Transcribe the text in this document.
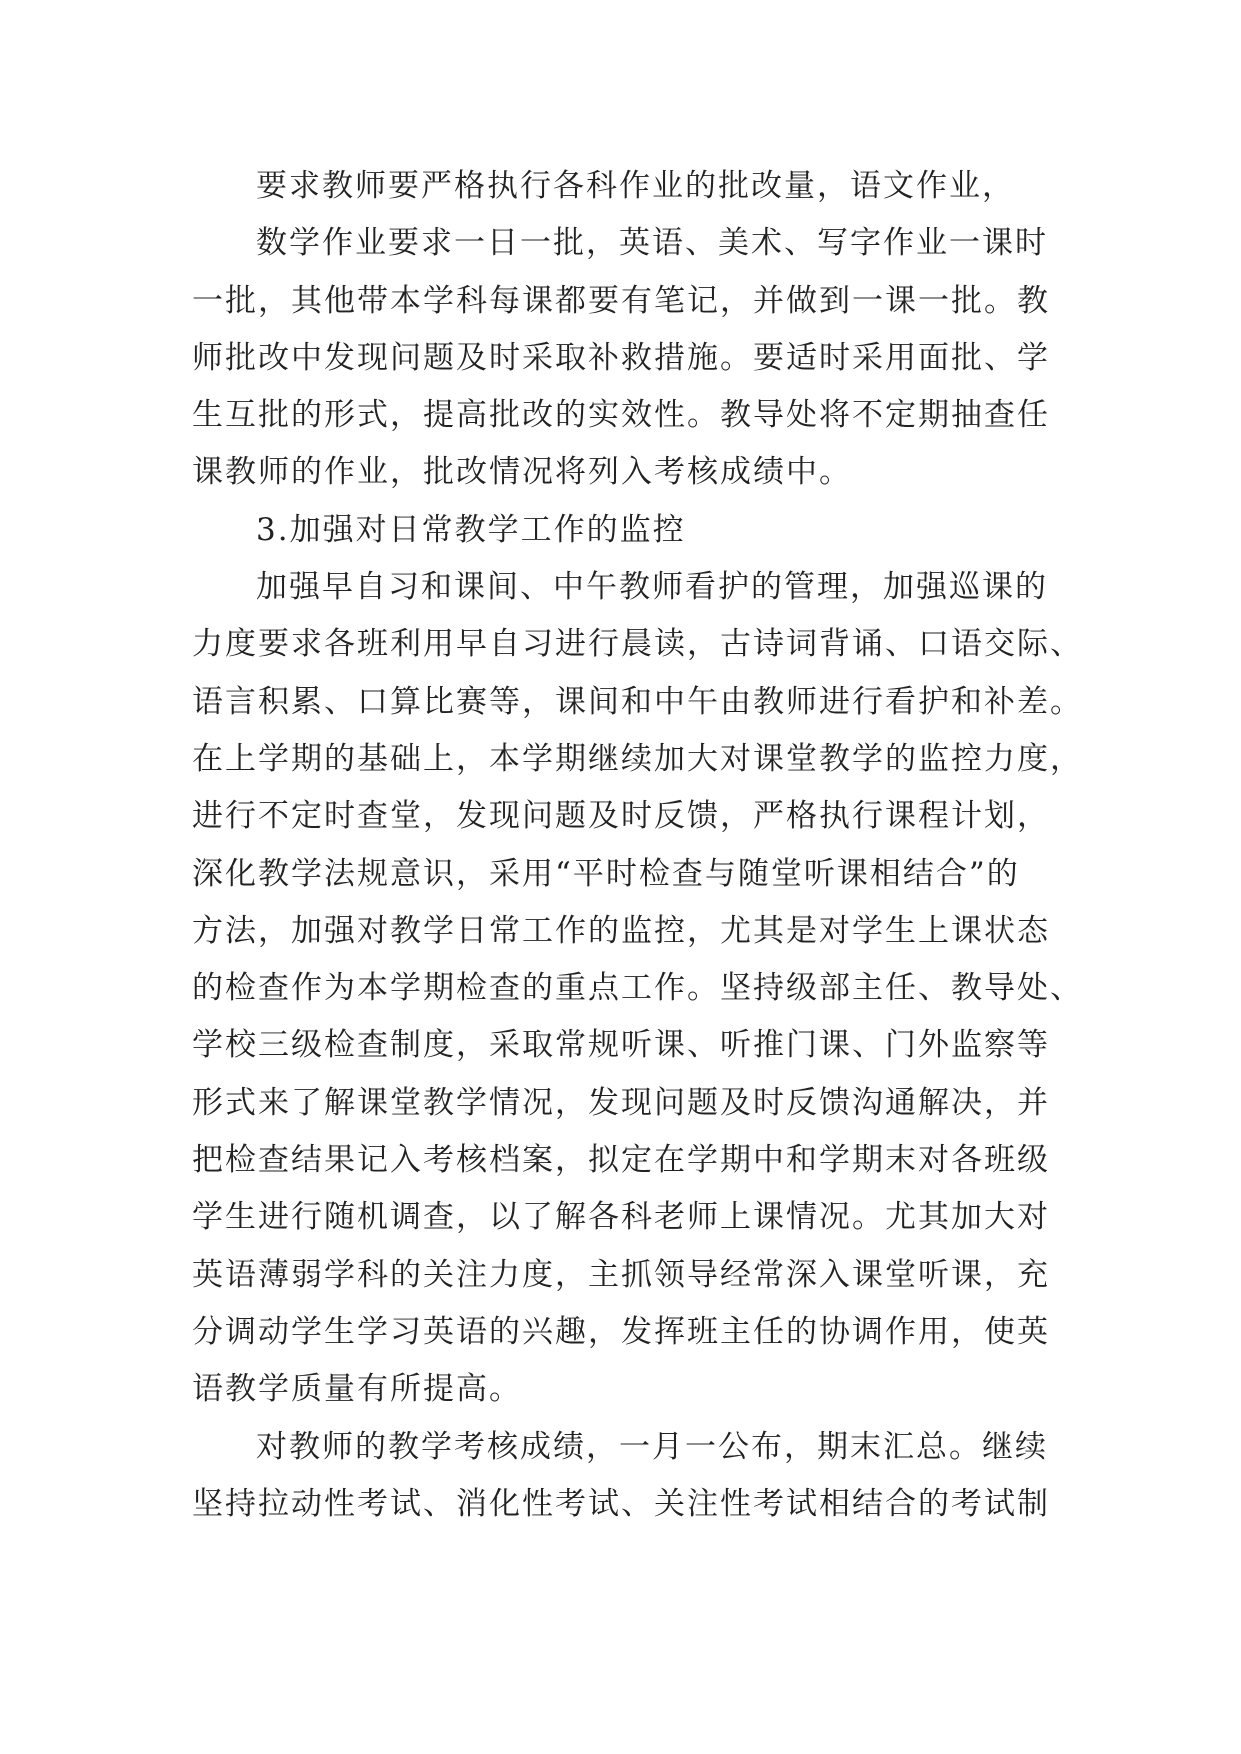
要求教师要严格执行各科作业的批改量，语文作业，
数学作业要求一日一批，英语、美术、写字作业一课时
一批，其他带本学科每课都要有笔记，并做到一课一批。教
师批改中发现问题及时采取补救措施。要适时采用面批、学
生互批的形式，提高批改的实效性。教导处将不定期抽查任
课教师的作业，批改情况将列入考核成绩中。
3.加强对日常教学工作的监控
加强早自习和课间、中午教师看护的管理，加强巡课的
力度要求各班利用早自习进行晨读，古诗词背诵、口语交际、
语言积累、口算比赛等，课间和中午由教师进行看护和补差。
在上学期的基础上，本学期继续加大对课堂教学的监控力度，
进行不定时查堂，发现问题及时反馈，严格执行课程计划，
深化教学法规意识，采用“平时检查与随堂听课相结合”的
方法，加强对教学日常工作的监控，尤其是对学生上课状态
的检查作为本学期检查的重点工作。坚持级部主任、教导处、
学校三级检查制度，采取常规听课、听推门课、门外监察等
形式来了解课堂教学情况，发现问题及时反馈沟通解决，并
把检查结果记入考核档案，拟定在学期中和学期末对各班级
学生进行随机调查，以了解各科老师上课情况。尤其加大对
英语薄弱学科的关注力度，主抓领导经常深入课堂听课，充
分调动学生学习英语的兴趣，发挥班主任的协调作用，使英
语教学质量有所提高。
对教师的教学考核成绩，一月一公布，期末汇总。继续
坚持拉动性考试、消化性考试、关注性考试相结合的考试制
